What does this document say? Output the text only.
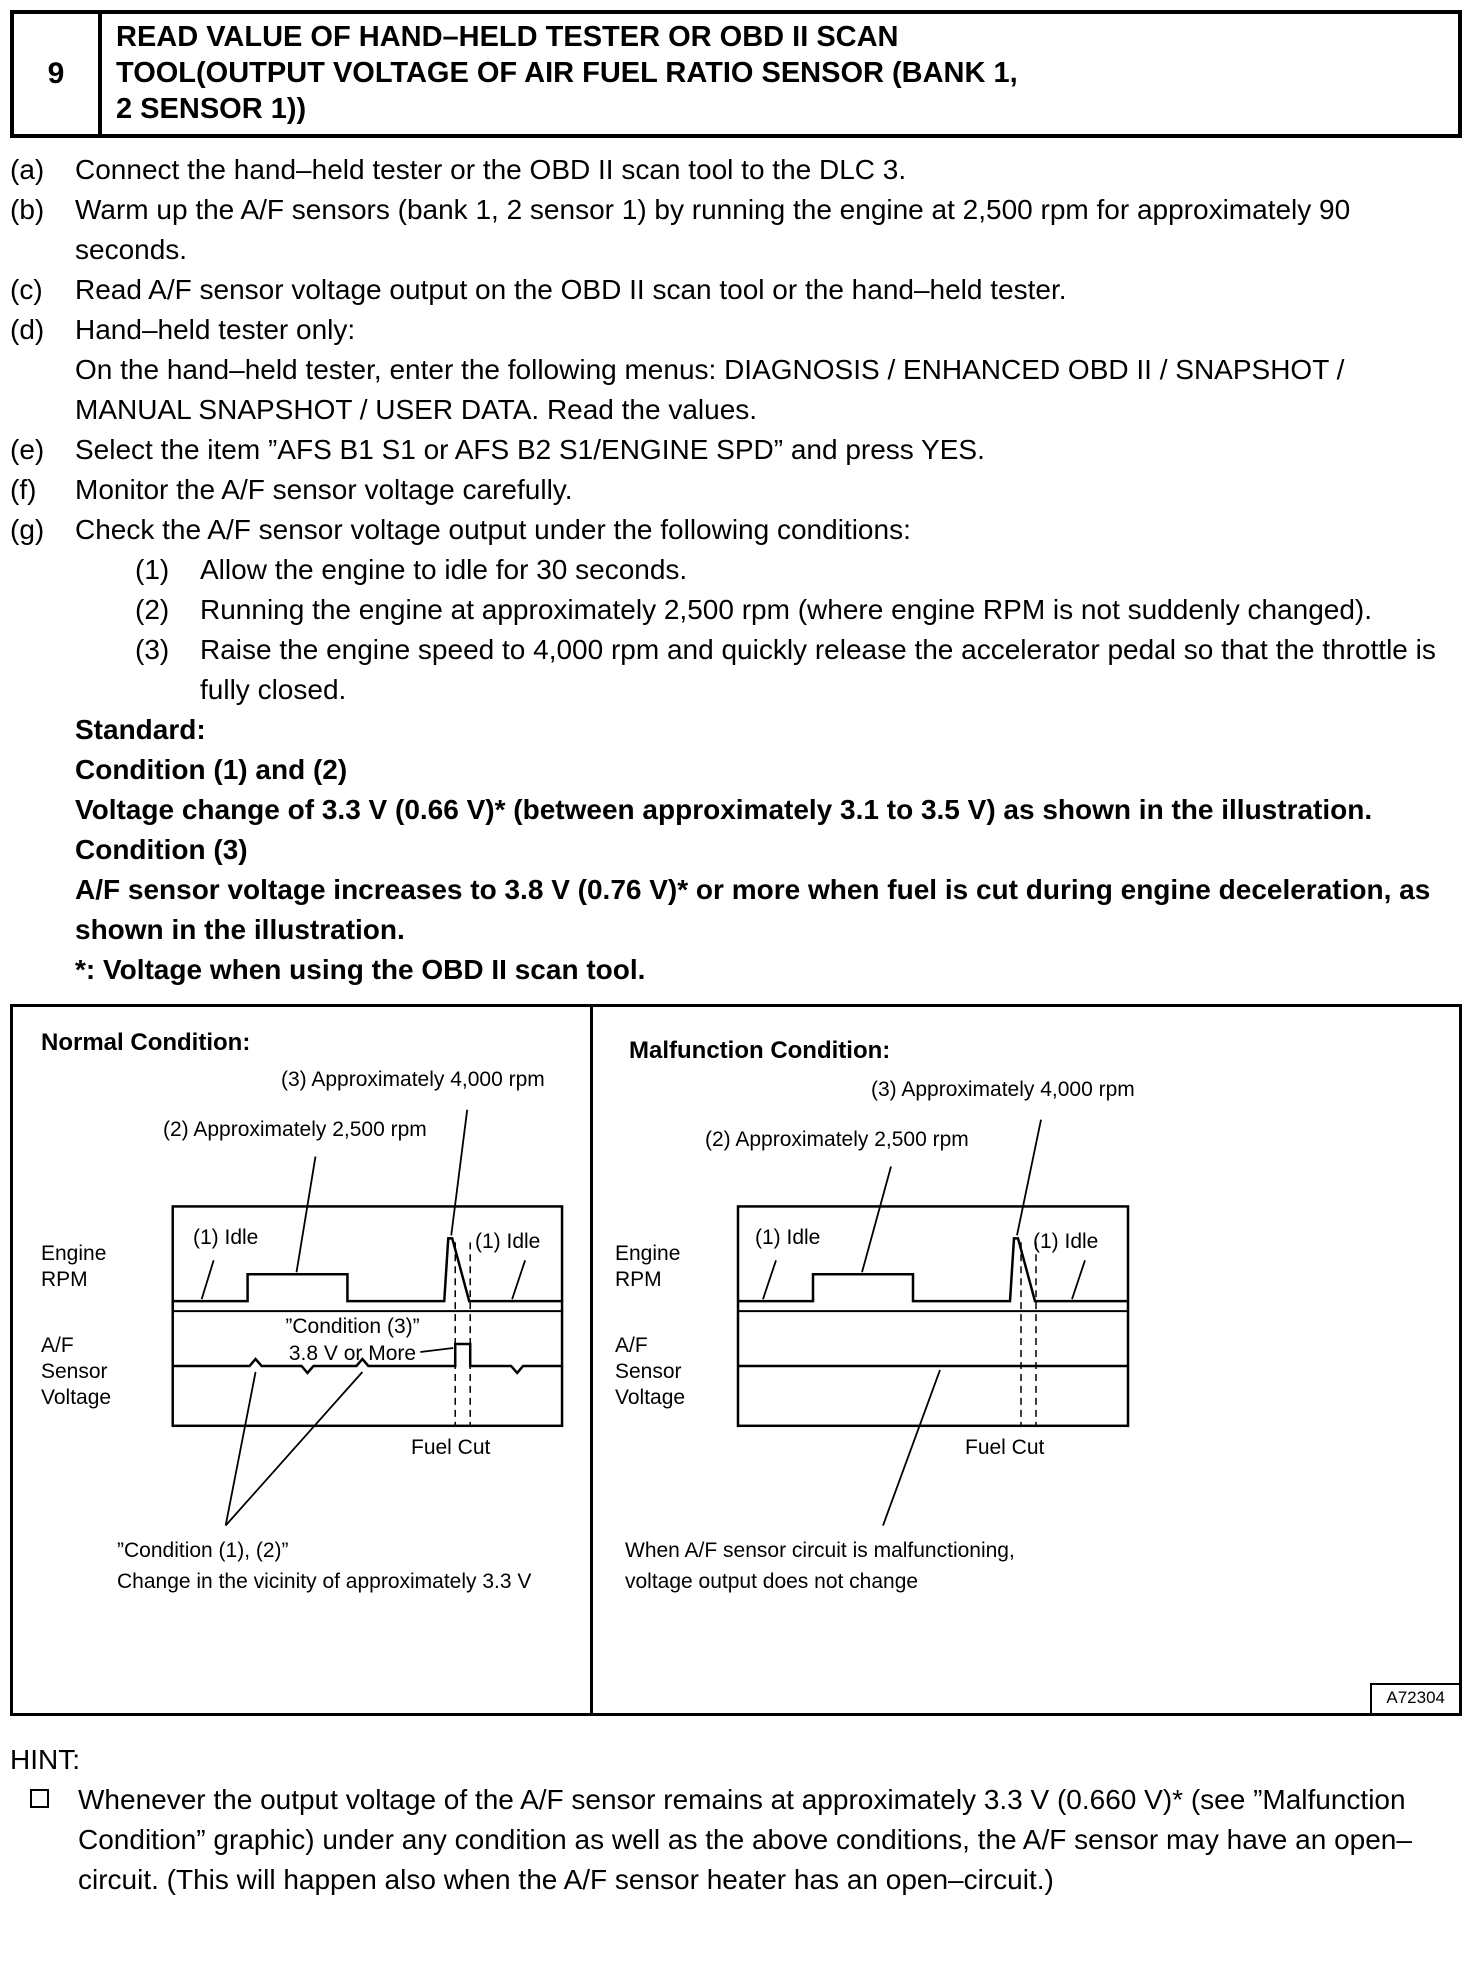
9
READ VALUE OF HAND–HELD TESTER OR OBD II SCAN TOOL(OUTPUT VOLTAGE OF AIR FUEL RATIO SENSOR (BANK 1, 2 SENSOR 1))
(a) Connect the hand–held tester or the OBD II scan tool to the DLC 3.
(b) Warm up the A/F sensors (bank 1, 2 sensor 1) by running the engine at 2,500 rpm for approximately 90 seconds.
(c) Read A/F sensor voltage output on the OBD II scan tool or the hand–held tester.
(d) Hand–held tester only:
On the hand–held tester, enter the following menus: DIAGNOSIS / ENHANCED OBD II / SNAPSHOT / MANUAL SNAPSHOT / USER DATA. Read the values.
(e) Select the item ”AFS B1 S1 or AFS B2 S1/ENGINE SPD” and press YES.
(f) Monitor the A/F sensor voltage carefully.
(g) Check the A/F sensor voltage output under the following conditions:
(1) Allow the engine to idle for 30 seconds.
(2) Running the engine at approximately 2,500 rpm (where engine RPM is not suddenly changed).
(3) Raise the engine speed to 4,000 rpm and quickly release the accelerator pedal so that the throttle is fully closed.
Standard:
Condition (1) and (2)
Voltage change of 3.3 V (0.66 V)* (between approximately 3.1 to 3.5 V) as shown in the illustration.
Condition (3)
A/F sensor voltage increases to 3.8 V (0.76 V)* or more when fuel is cut during engine deceleration, as shown in the illustration.
*: Voltage when using the OBD II scan tool.
Normal Condition:
(3) Approximately 4,000 rpm
(2) Approximately 2,500 rpm
(1) Idle	(1) Idle
Engine RPM
A/F Sensor Voltage
”Condition (3)”
3.8 V or More
Fuel Cut
”Condition (1), (2)”
Change in the vicinity of approximately 3.3 V
Malfunction Condition:
(3) Approximately 4,000 rpm
(2) Approximately 2,500 rpm
(1) Idle	(1) Idle
Engine RPM
A/F Sensor Voltage
Fuel Cut
When A/F sensor circuit is malfunctioning,
voltage output does not change
A72304
HINT:
Whenever the output voltage of the A/F sensor remains at approximately 3.3 V (0.660 V)* (see ”Malfunction Condition” graphic) under any condition as well as the above conditions, the A/F sensor may have an open–circuit. (This will happen also when the A/F sensor heater has an open–circuit.)
